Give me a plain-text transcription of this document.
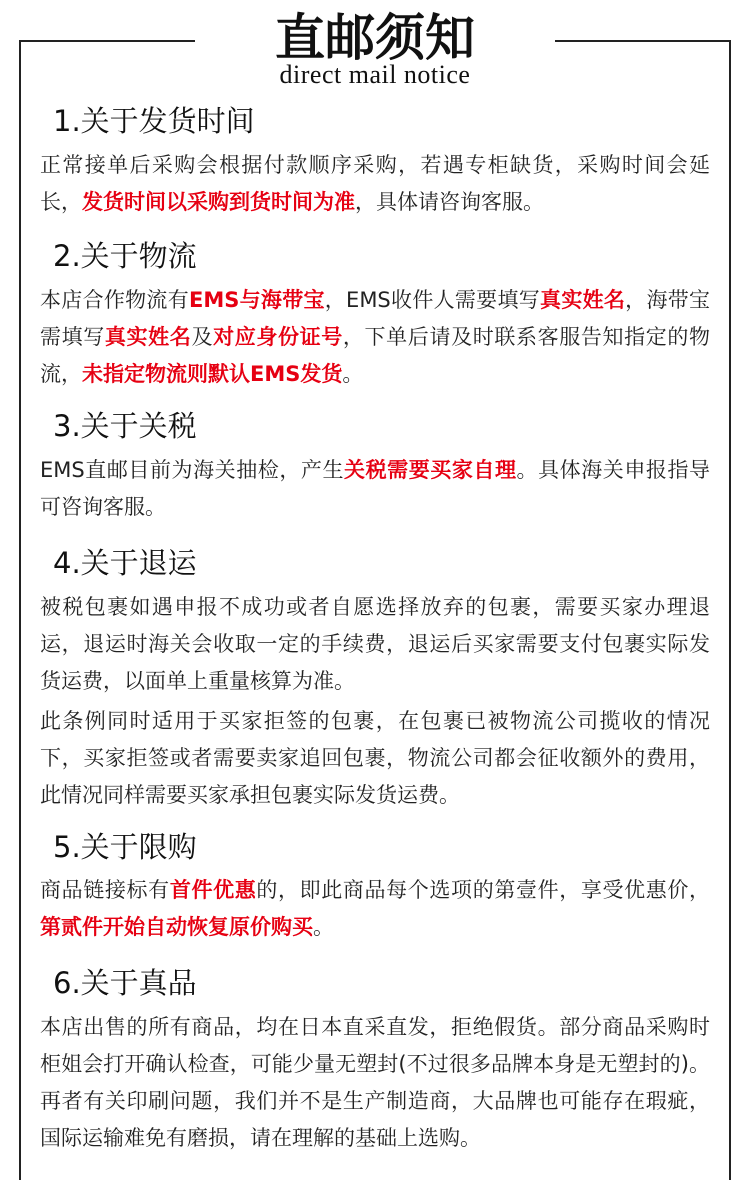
直邮须知
direct mail notice
1.关于发货时间
正常接单后采购会根据付款顺序采购，若遇专柜缺货，采购时间会延长，发货时间以采购到货时间为准，具体请咨询客服。
2.关于物流
本店合作物流有EMS与海带宝，EMS收件人需要填写真实姓名，海带宝需填写真实姓名及对应身份证号，下单后请及时联系客服告知指定的物流，未指定物流则默认EMS发货。
3.关于关税
EMS直邮目前为海关抽检，产生关税需要买家自理。具体海关申报指导可咨询客服。
4.关于退运
被税包裹如遇申报不成功或者自愿选择放弃的包裹，需要买家办理退运，退运时海关会收取一定的手续费，退运后买家需要支付包裹实际发货运费，以面单上重量核算为准。
此条例同时适用于买家拒签的包裹，在包裹已被物流公司揽收的情况下，买家拒签或者需要卖家追回包裹，物流公司都会征收额外的费用，此情况同样需要买家承担包裹实际发货运费。
5.关于限购
商品链接标有首件优惠的，即此商品每个选项的第壹件，享受优惠价，第贰件开始自动恢复原价购买。
6.关于真品
本店出售的所有商品，均在日本直采直发，拒绝假货。部分商品采购时柜姐会打开确认检查，可能少量无塑封(不过很多品牌本身是无塑封的)。再者有关印刷问题，我们并不是生产制造商，大品牌也可能存在瑕疵，国际运输难免有磨损，请在理解的基础上选购。
